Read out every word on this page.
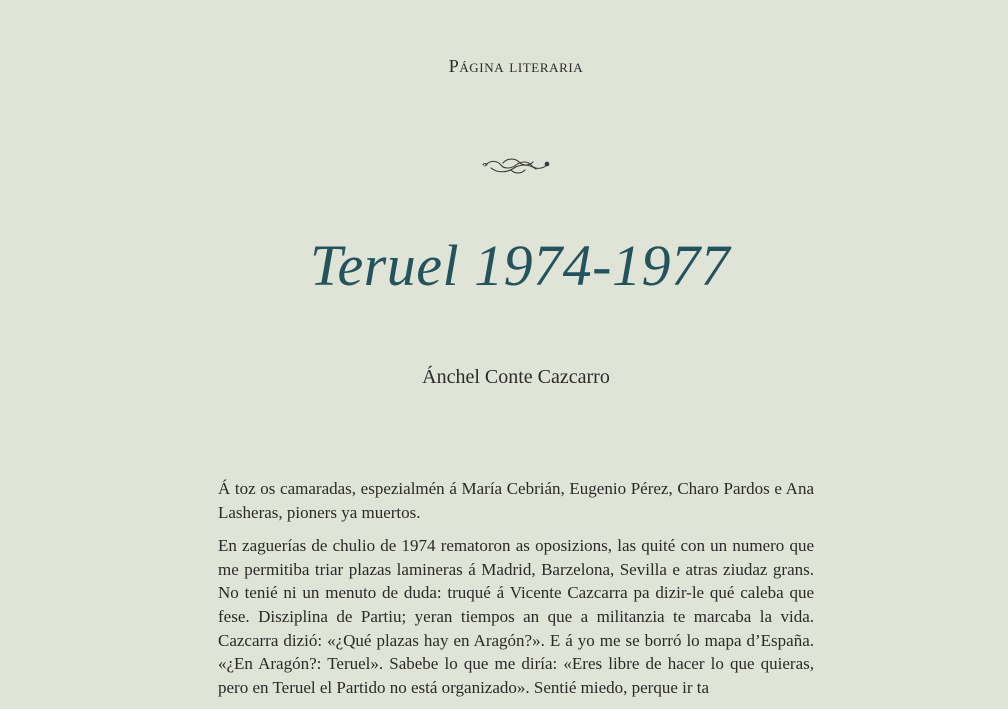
Página literaria
Teruel 1974-1977
Ánchel Conte Cazcarro

Á toz os camaradas, espezialmén á María Cebrián, Eugenio Pérez, Charo Pardos e Ana Lasheras, pioners ya muertos.

En zaguerías de chulio de 1974 rematoron as oposizions, las quité con un numero que me permitiba triar plazas lamineras á Madrid, Barzelona, Sevilla e atras ziudaz grans. No tenié ni un menuto de duda: truqué á Vicente Cazcarra pa dizir-le qué caleba que fese. Disziplina de Partiu; yeran tiempos an que a militanzia te marcaba la vida. Cazcarra dizió: «¿Qué plazas hay en Aragón?». E á yo me se borró lo mapa d’España. «¿En Aragón?: Teruel». Sabebe lo que me diría: «Eres libre de hacer lo que quieras, pero en Teruel el Partido no está organizado». Sentié miedo, perque ir ta
